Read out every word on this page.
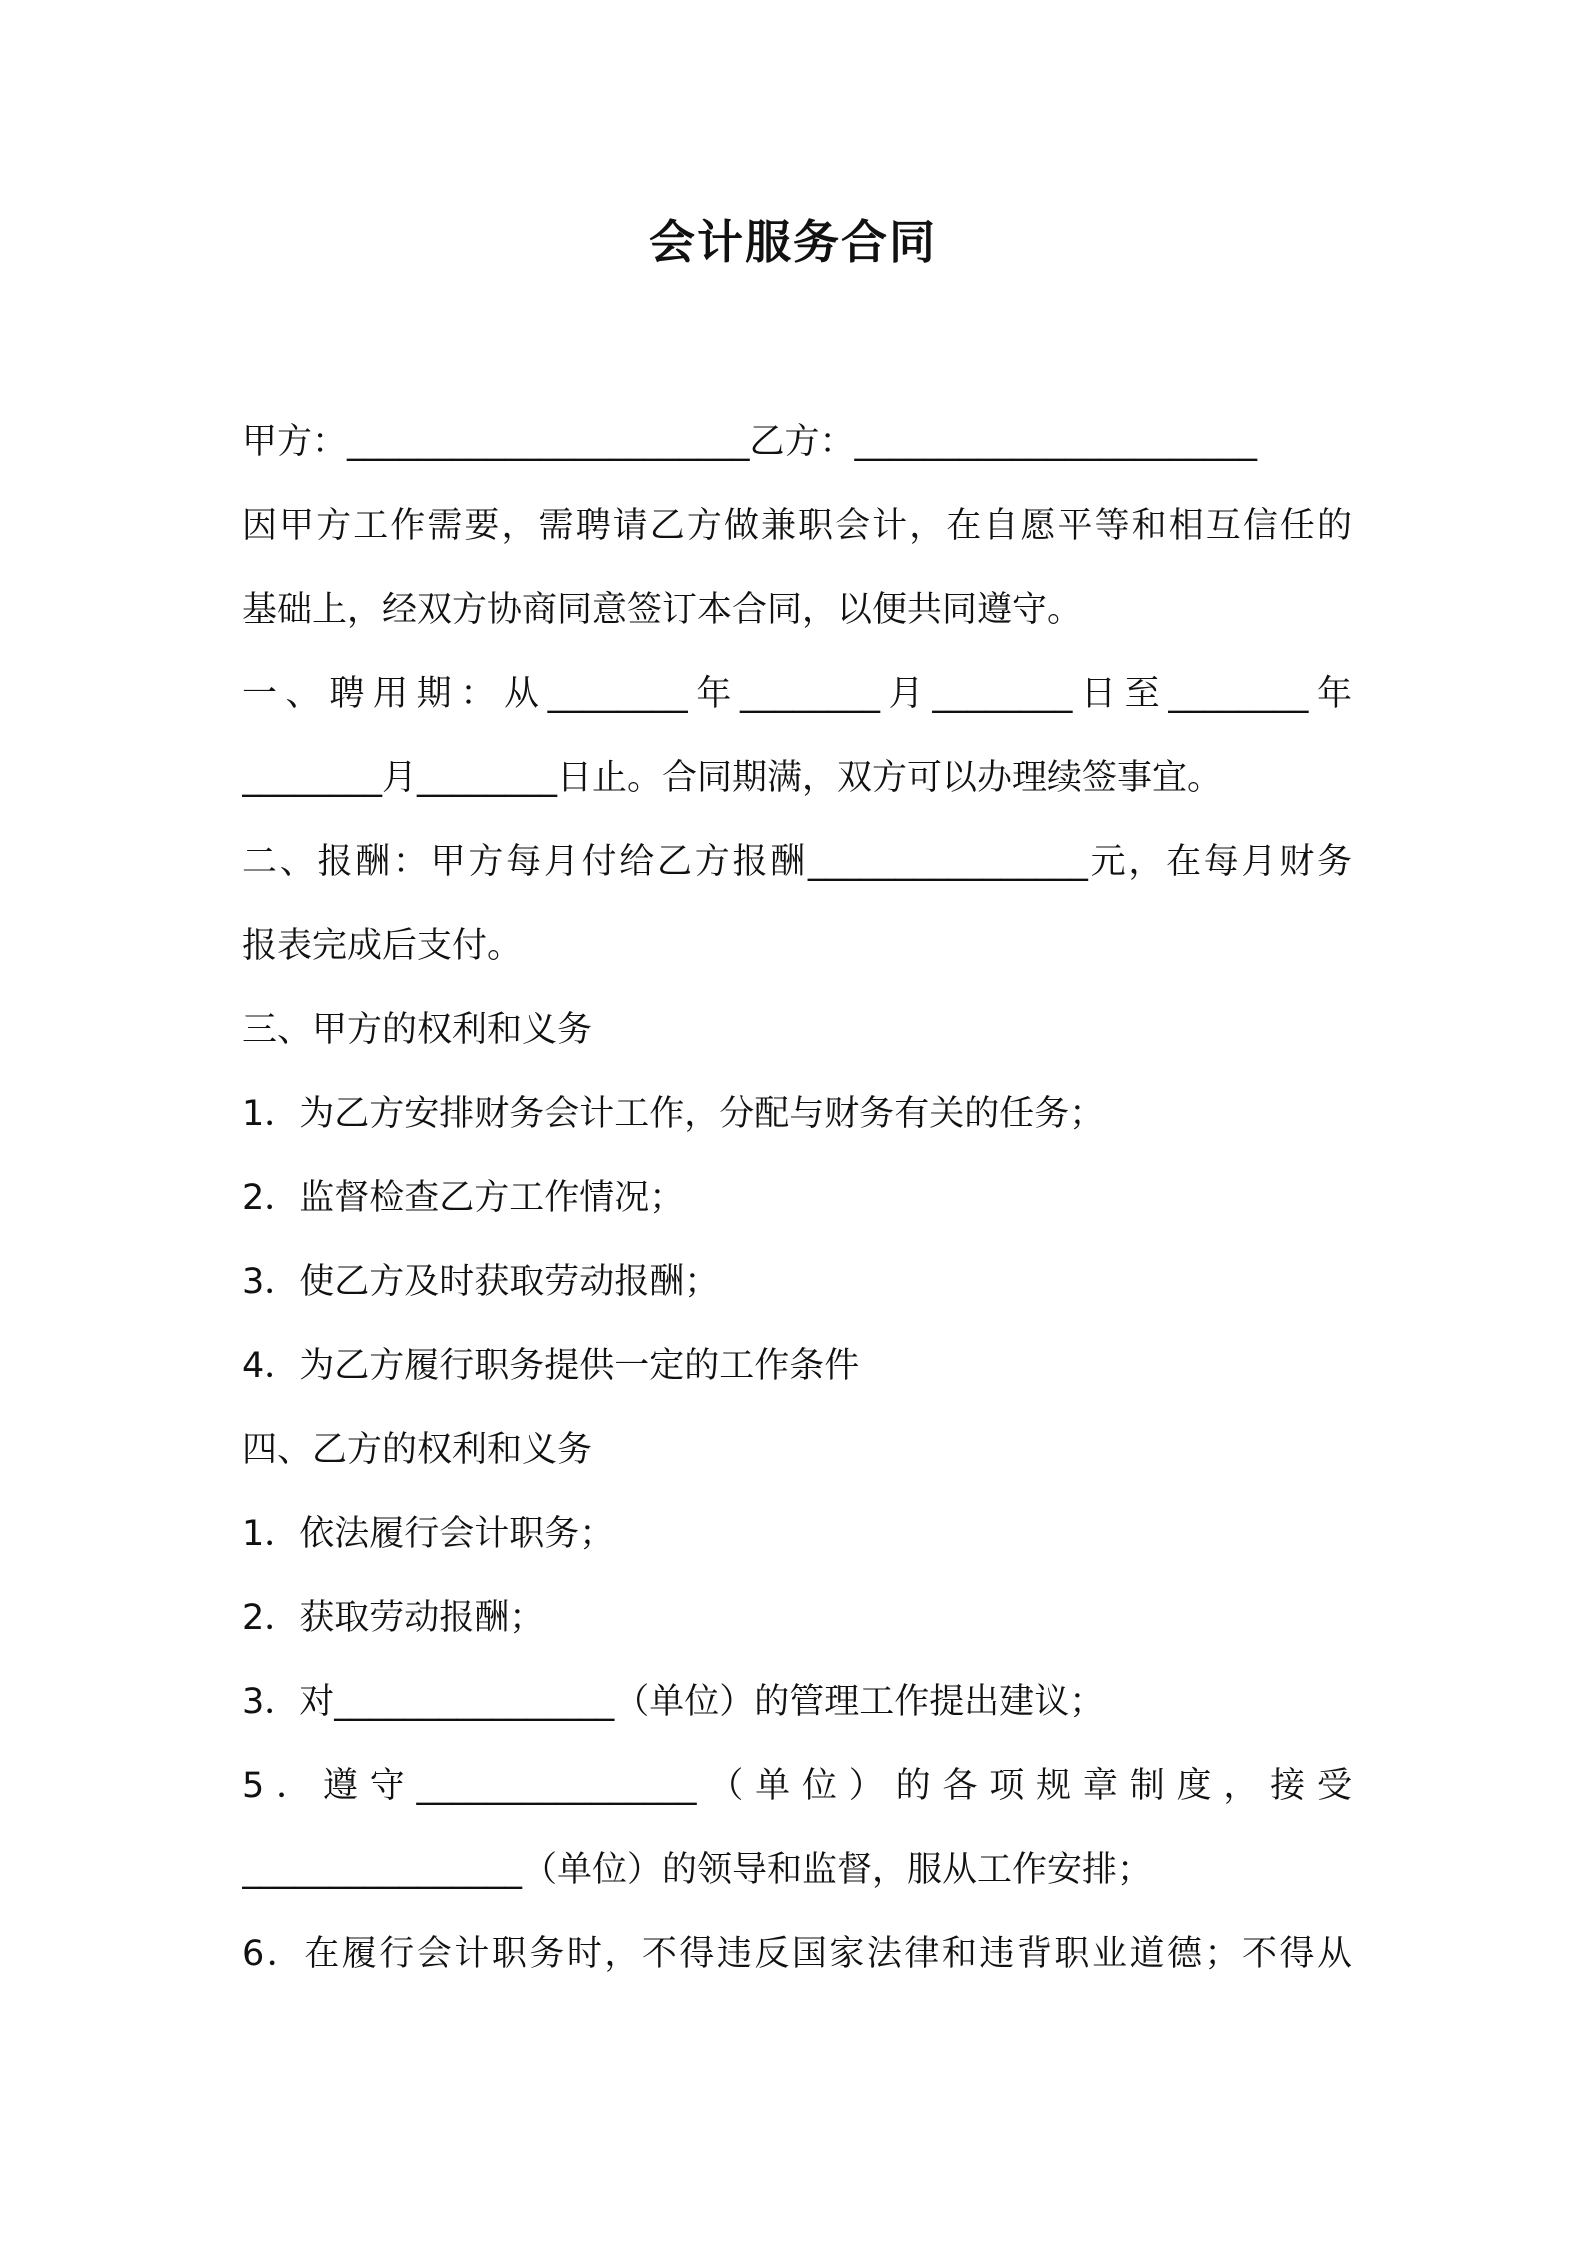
会计服务合同
甲方：_______________________乙方：_______________________
因甲方工作需要，需聘请乙方做兼职会计，在自愿平等和相互信任的
基础上，经双方协商同意签订本合同，以便共同遵守。
一、聘用期：从________年________月________日至________年
________月________日止。合同期满，双方可以办理续签事宜。
二、报酬：甲方每月付给乙方报酬________________元，在每月财务
报表完成后支付。
三、甲方的权利和义务
1．为乙方安排财务会计工作，分配与财务有关的任务；
2．监督检查乙方工作情况；
3．使乙方及时获取劳动报酬；
4．为乙方履行职务提供一定的工作条件
四、乙方的权利和义务
1．依法履行会计职务；
2．获取劳动报酬；
3．对________________（单位）的管理工作提出建议；
5．遵守________________（单位）的各项规章制度，接受
________________（单位）的领导和监督，服从工作安排；
6．在履行会计职务时，不得违反国家法律和违背职业道德；不得从
